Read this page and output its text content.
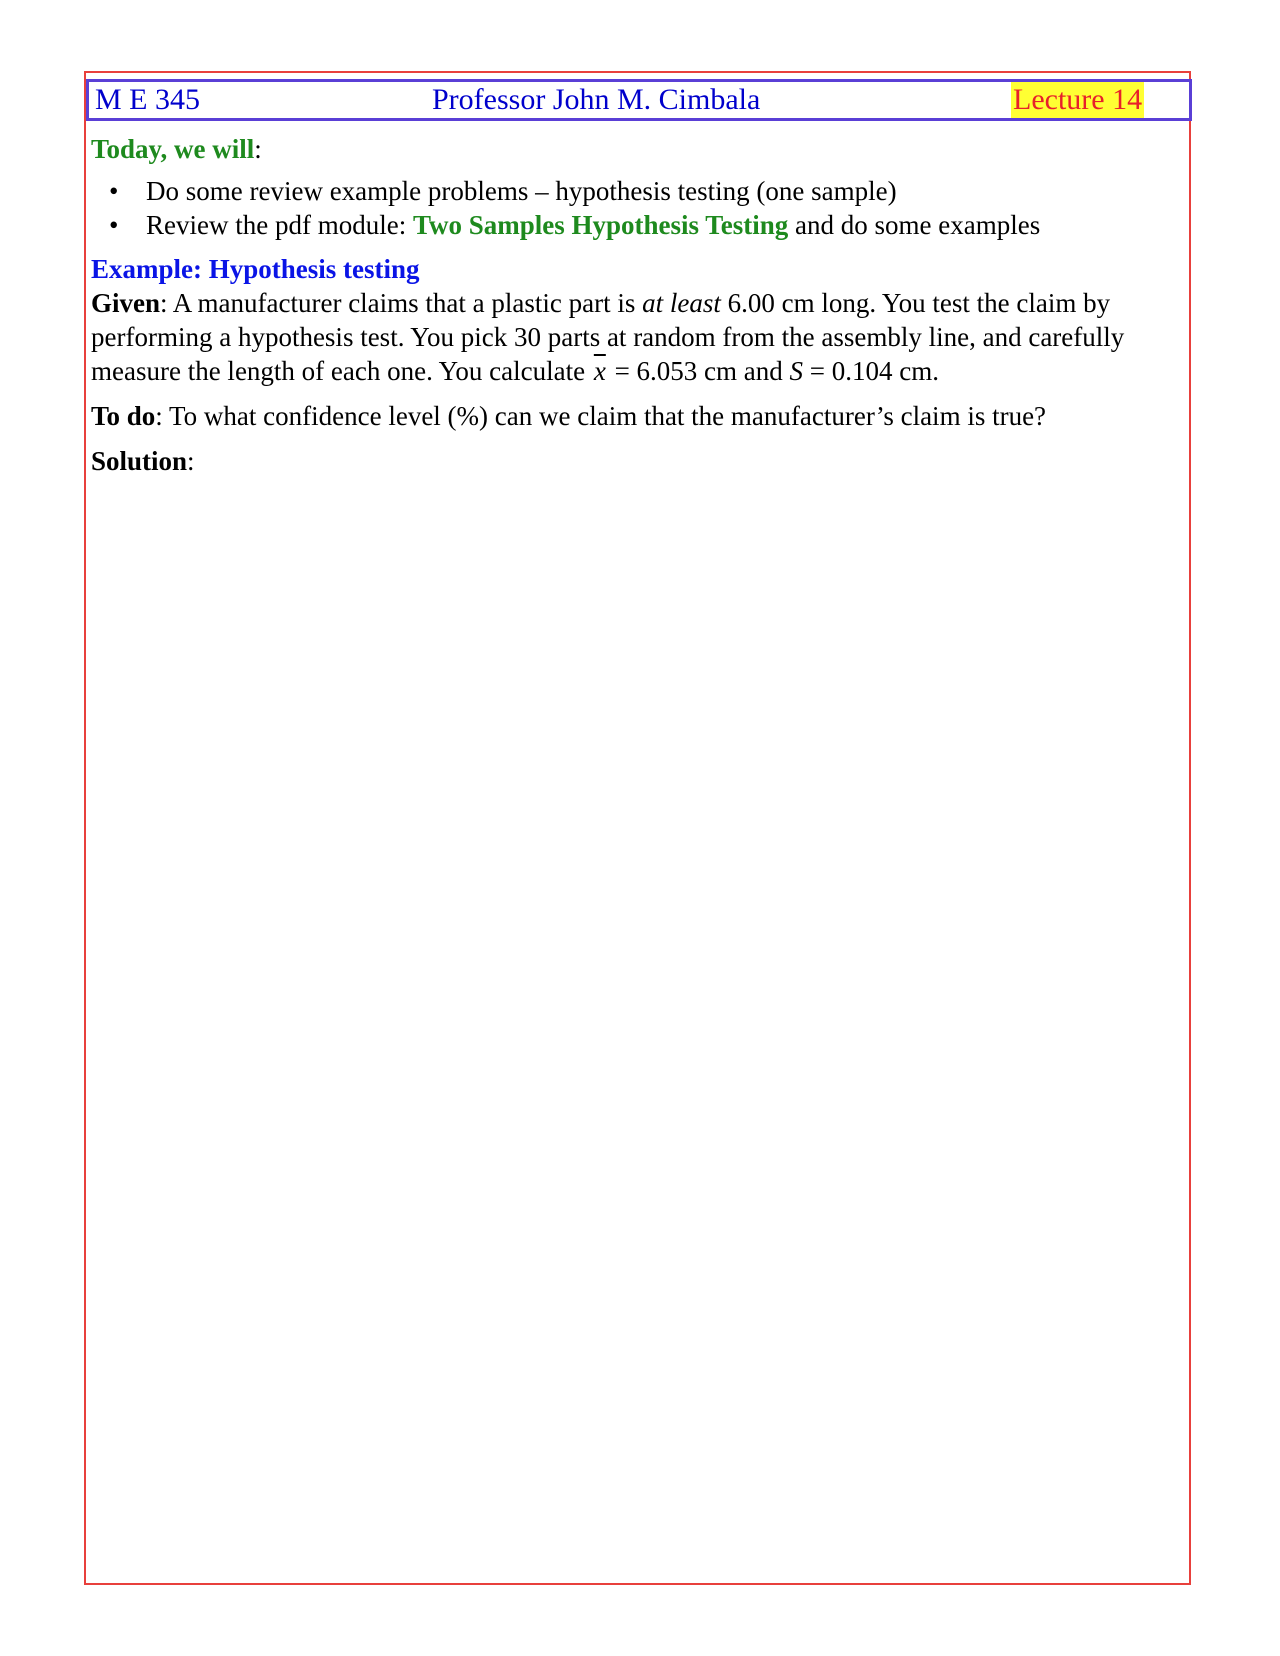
M E 345	Professor John M. Cimbala	Lecture 14
Today, we will:
• Do some review example problems – hypothesis testing (one sample)
• Review the pdf module: Two Samples Hypothesis Testing and do some examples
Example: Hypothesis testing
Given: A manufacturer claims that a plastic part is at least 6.00 cm long. You test the claim by performing a hypothesis test. You pick 30 parts at random from the assembly line, and carefully measure the length of each one. You calculate $\overline{x} = 6.053$ cm and S = 0.104 cm.
To do: To what confidence level (%) can we claim that the manufacturer’s claim is true?
Solution:
